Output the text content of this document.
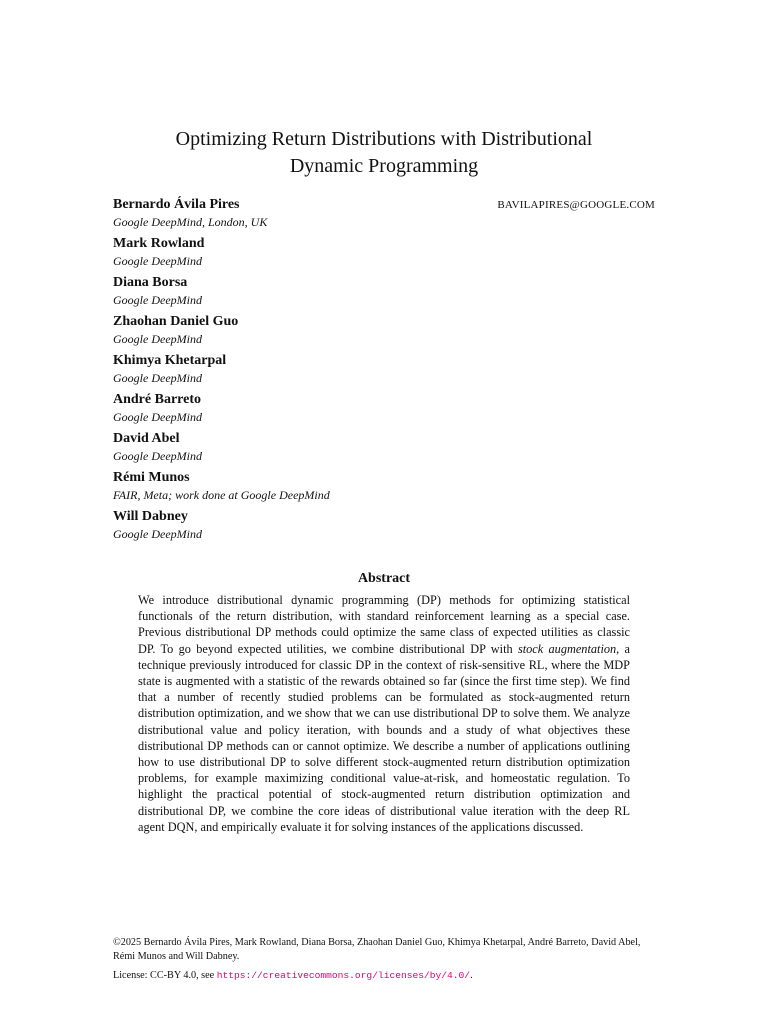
Optimizing Return Distributions with Distributional
Dynamic Programming
BAVILAPIRES@GOOGLE.COM
Bernardo Ávila Pires
Google DeepMind, London, UK
Mark Rowland
Google DeepMind
Diana Borsa
Google DeepMind
Zhaohan Daniel Guo
Google DeepMind
Khimya Khetarpal
Google DeepMind
André Barreto
Google DeepMind
David Abel
Google DeepMind
Rémi Munos
FAIR, Meta; work done at Google DeepMind
Will Dabney
Google DeepMind
Abstract

We introduce distributional dynamic programming (DP) methods for optimizing statistical functionals of the return distribution, with standard reinforcement learning as a special case. Previous distributional DP methods could optimize the same class of expected utilities as classic DP. To go beyond expected utilities, we combine distributional DP with stock augmentation, a technique previously introduced for classic DP in the context of risk-sensitive RL, where the MDP state is augmented with a statistic of the rewards obtained so far (since the first time step). We find that a number of recently studied problems can be formulated as stock-augmented return distribution optimization, and we show that we can use distributional DP to solve them. We analyze distributional value and policy iteration, with bounds and a study of what objectives these distributional DP methods can or cannot optimize. We describe a number of applications outlining how to use distributional DP to solve different stock-augmented return distribution optimization problems, for example maximizing conditional value-at-risk, and homeostatic regulation. To highlight the practical potential of stock-augmented return distribution optimization and distributional DP, we combine the core ideas of distributional value iteration with the deep RL agent DQN, and empirically evaluate it for solving instances of the applications discussed.

©2025 Bernardo Ávila Pires, Mark Rowland, Diana Borsa, Zhaohan Daniel Guo, Khimya Khetarpal, André Barreto, David Abel, Rémi Munos and Will Dabney.

License: CC-BY 4.0, see https://creativecommons.org/licenses/by/4.0/.
